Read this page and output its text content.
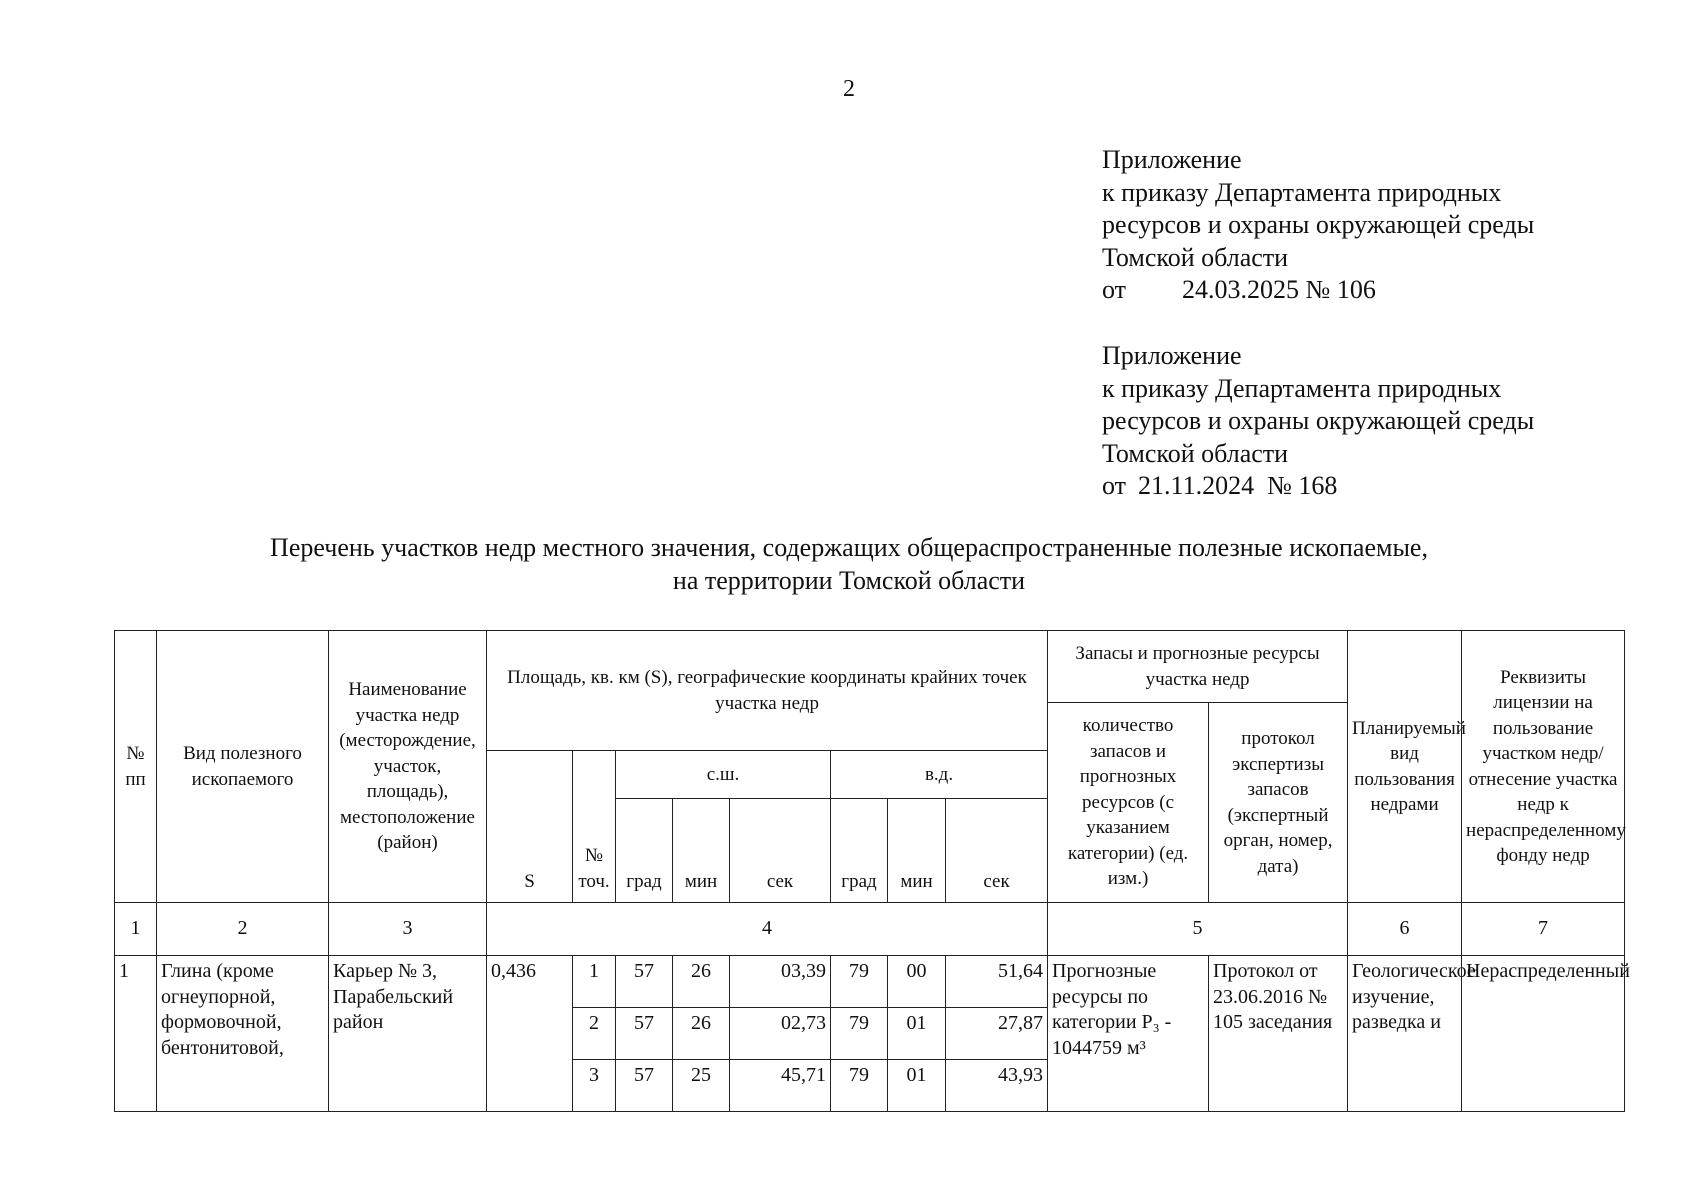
2
Приложение
к приказу Департамента природных
ресурсов и охраны окружающей среды
Томской области
от 24.03.2025 № 106
Приложение
к приказу Департамента природных
ресурсов и охраны окружающей среды
Томской области
от 21.11.2024 № 168
Перечень участков недр местного значения, содержащих общераспространенные полезные ископаемые,
на территории Томской области
№ пп	Вид полезного ископаемого	Наименование участка недр (месторождение, участок, площадь), местоположение (район)	Площадь, кв. км (S), географические координаты крайних точек участка недр								Запасы и прогнозные ресурсы участка недр		Планируемый вид пользования недрами	Реквизиты лицензии на пользование участком недр/ отнесение участка недр к нераспределенному фонду недр
											количество запасов и прогнозных ресурсов (с указанием категории) (ед. изм.)	протокол экспертизы запасов (экспертный орган, номер, дата)		
			S	№ точ.	с.ш.			в.д.						
					град	мин	сек	град	мин	сек				
1	2	3	4								5		6	7
1	Глина (кроме огнеупорной, формовочной, бентонитовой,	Карьер № 3, Парабельский район	0,436	1	57	26	03,39	79	00	51,64	Прогнозные ресурсы по категории P₃ - 1044759 м³	Протокол от 23.06.2016 № 105 заседания	Геологическое изучение, разведка и	Нераспределенный
				2	57	26	02,73	79	01	27,87				
				3	57	25	45,71	79	01	43,93				
